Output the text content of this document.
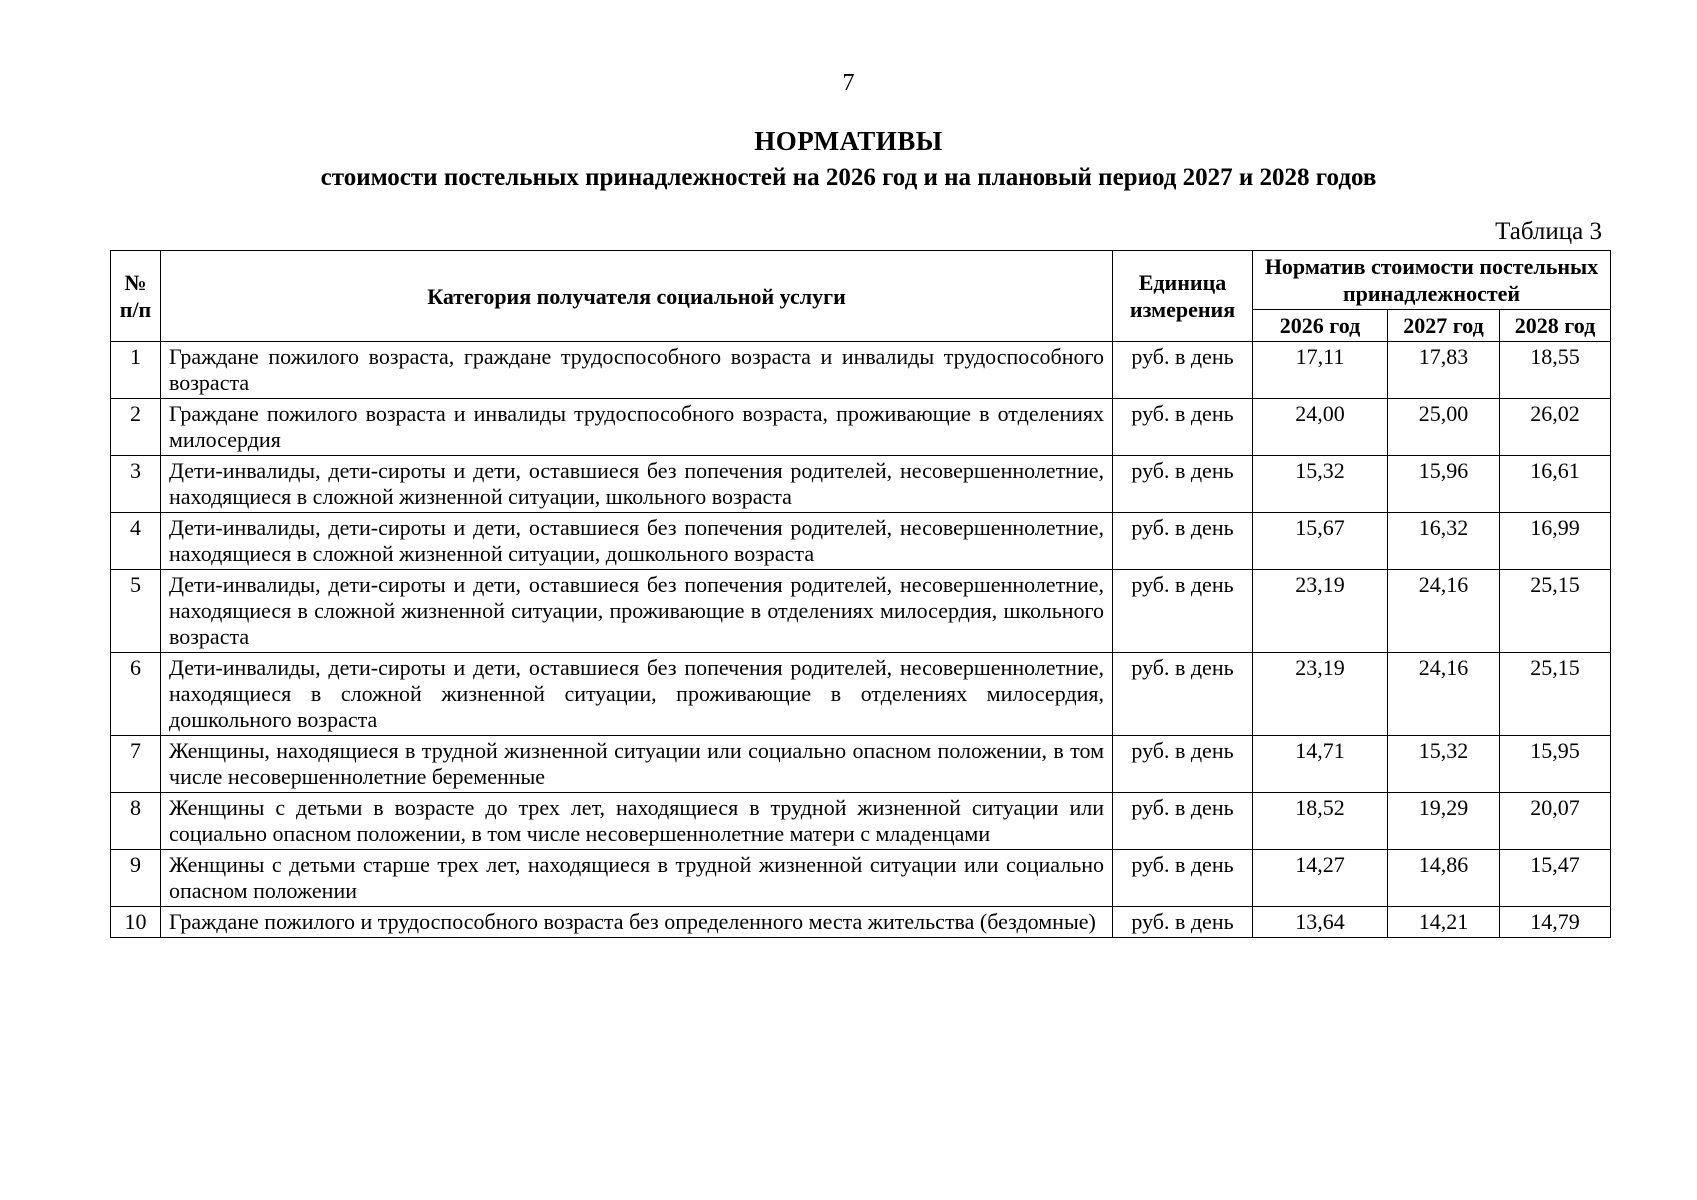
7
НОРМАТИВЫ
стоимости постельных принадлежностей на 2026 год и на плановый период 2027 и 2028 годов
Таблица 3
№ п/п	Категория получателя социальной услуги	Единица измерения	Норматив стоимости постельных принадлежностей		
			2026 год	2027 год	2028 год
1	Граждане пожилого возраста, граждане трудоспособного возраста и инвалиды трудоспособного возраста	руб. в день	17,11	17,83	18,55
2	Граждане пожилого возраста и инвалиды трудоспособного возраста, проживающие в отделениях милосердия	руб. в день	24,00	25,00	26,02
3	Дети-инвалиды, дети-сироты и дети, оставшиеся без попечения родителей, несовершеннолетние, находящиеся в сложной жизненной ситуации, школьного возраста	руб. в день	15,32	15,96	16,61
4	Дети-инвалиды, дети-сироты и дети, оставшиеся без попечения родителей, несовершеннолетние, находящиеся в сложной жизненной ситуации, дошкольного возраста	руб. в день	15,67	16,32	16,99
5	Дети-инвалиды, дети-сироты и дети, оставшиеся без попечения родителей, несовершеннолетние, находящиеся в сложной жизненной ситуации, проживающие в отделениях милосердия, школьного возраста	руб. в день	23,19	24,16	25,15
6	Дети-инвалиды, дети-сироты и дети, оставшиеся без попечения родителей, несовершеннолетние, находящиеся в сложной жизненной ситуации, проживающие в отделениях милосердия, дошкольного возраста	руб. в день	23,19	24,16	25,15
7	Женщины, находящиеся в трудной жизненной ситуации или социально опасном положении, в том числе несовершеннолетние беременные	руб. в день	14,71	15,32	15,95
8	Женщины с детьми в возрасте до трех лет, находящиеся в трудной жизненной ситуации или социально опасном положении, в том числе несовершеннолетние матери с младенцами	руб. в день	18,52	19,29	20,07
9	Женщины с детьми старше трех лет, находящиеся в трудной жизненной ситуации или социально опасном положении	руб. в день	14,27	14,86	15,47
10	Граждане пожилого и трудоспособного возраста без определенного места жительства (бездомные)	руб. в день	13,64	14,21	14,79
